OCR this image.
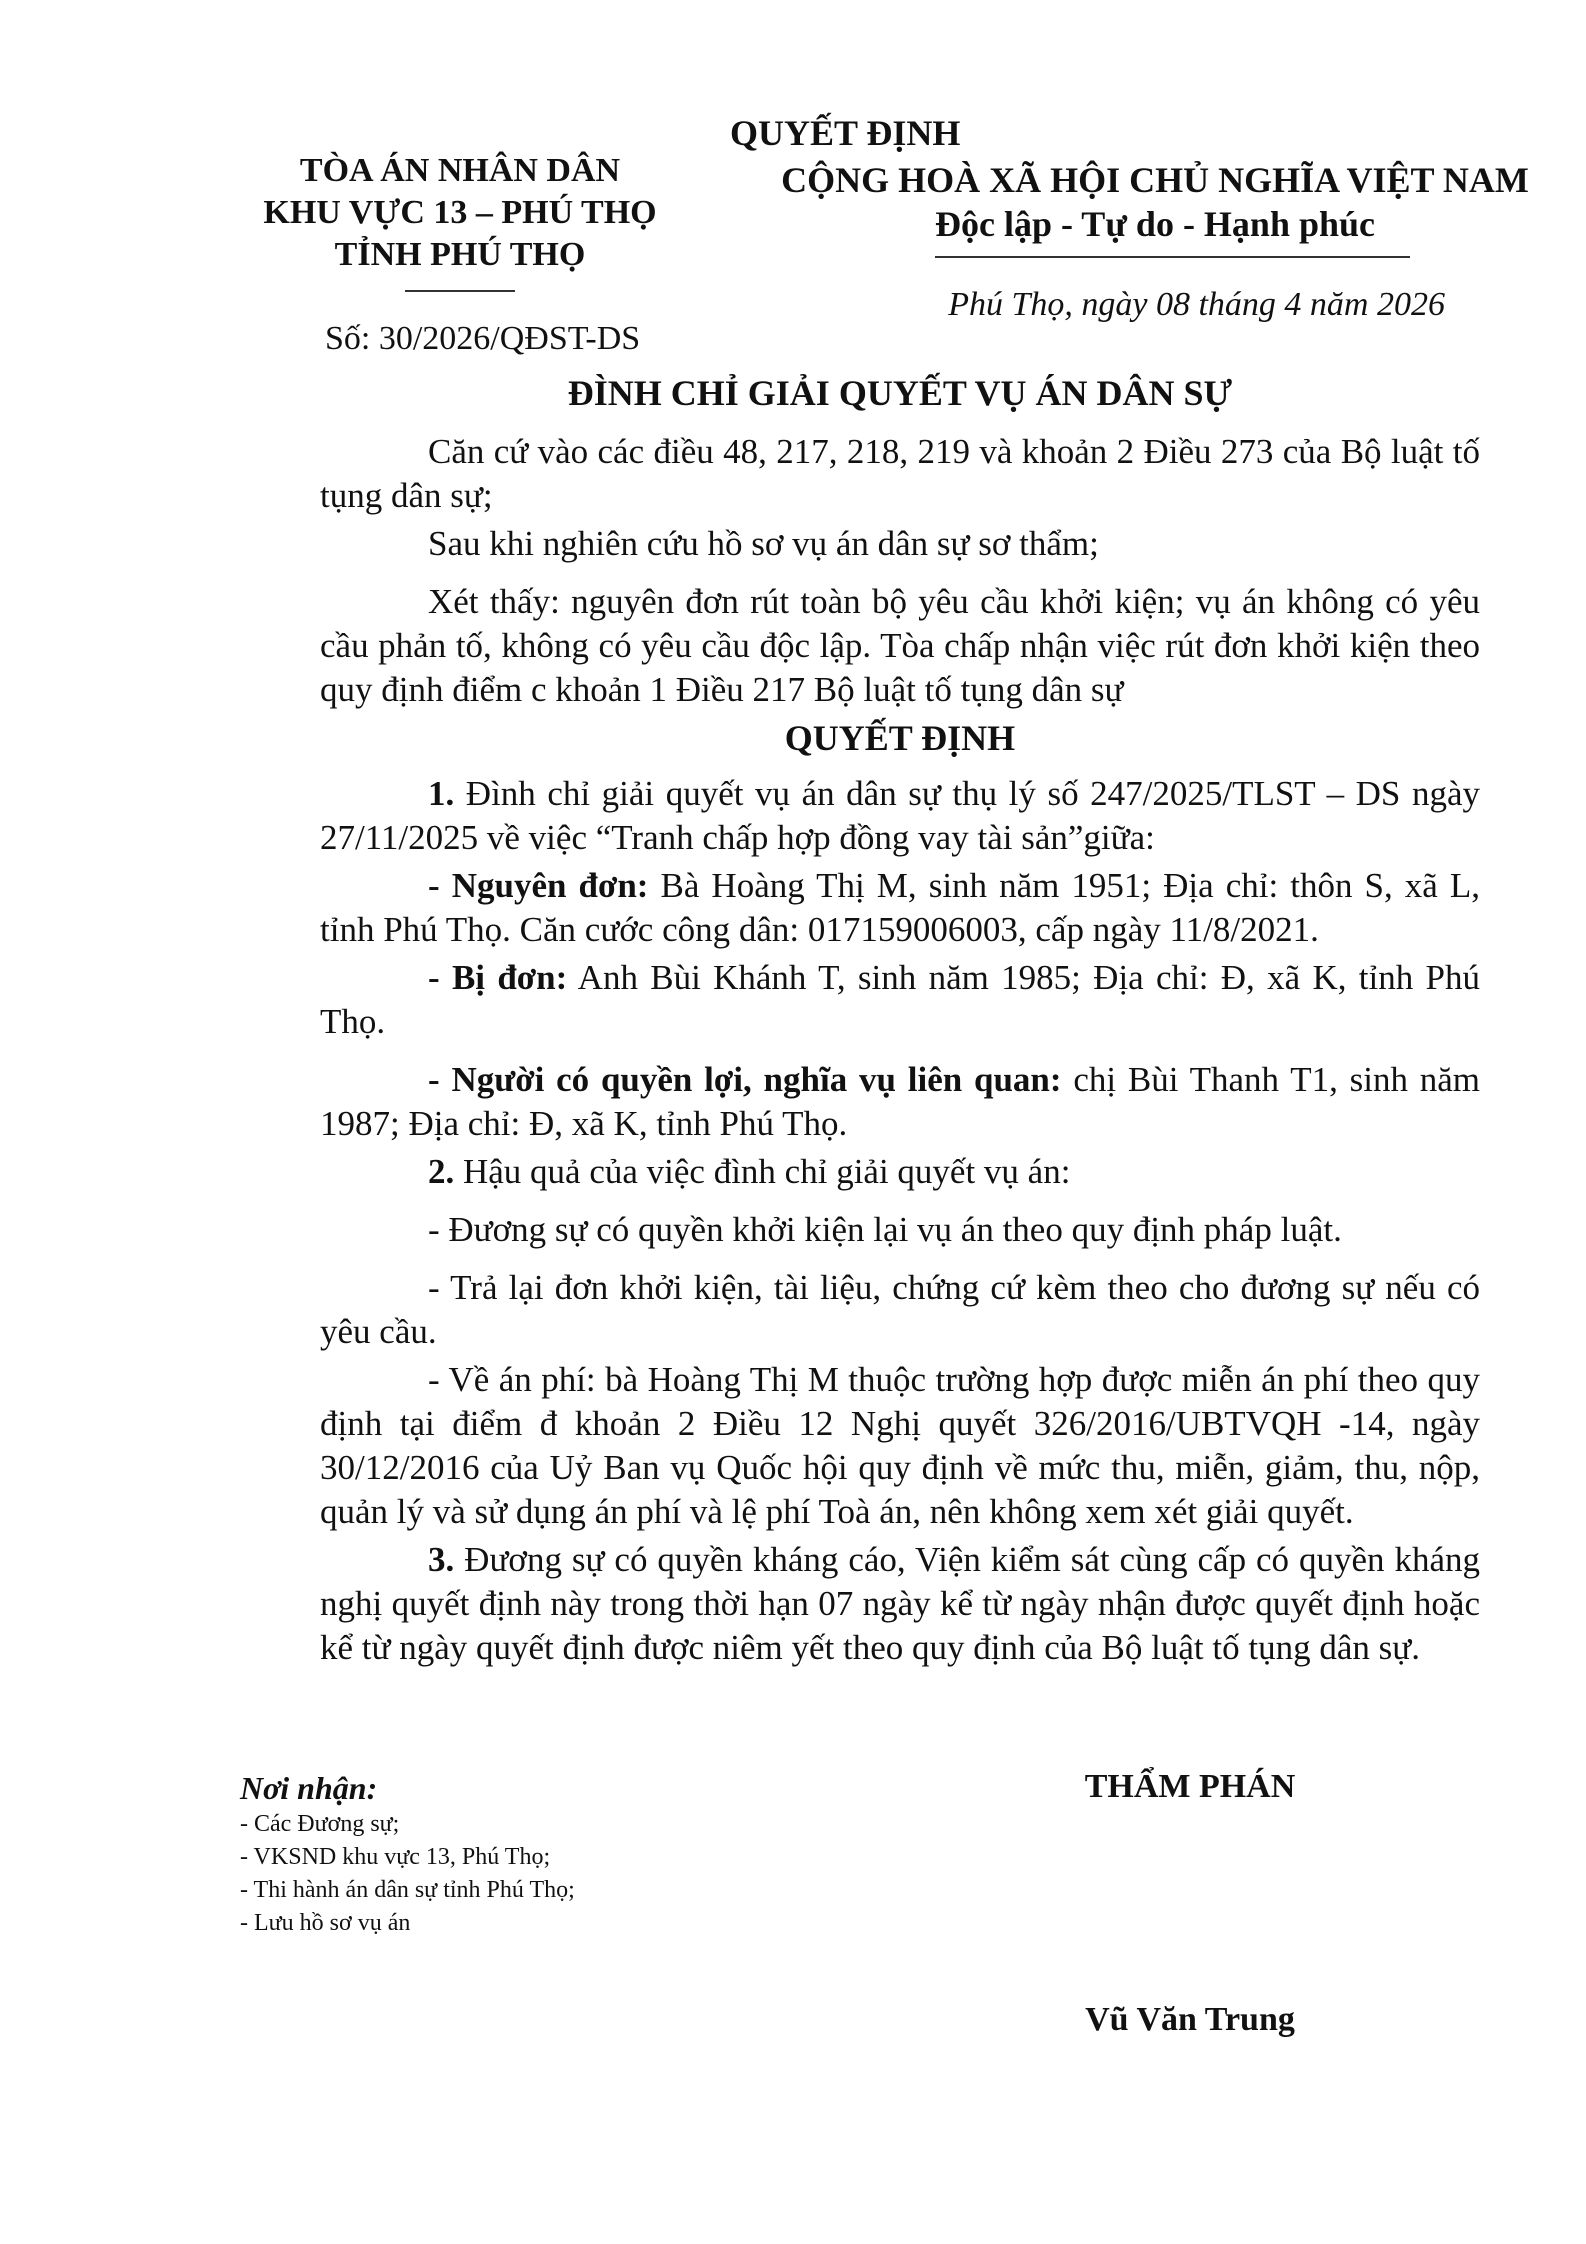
QUYẾT ĐỊNH
TÒA ÁN NHÂN DÂN
KHU VỰC 13 – PHÚ THỌ
TỈNH PHÚ THỌ
CỘNG HOÀ XÃ HỘI CHỦ NGHĨA VIỆT NAM
Độc lập - Tự do - Hạnh phúc
Phú Thọ, ngày 08 tháng 4 năm 2026
Số: 30/2026/QĐST-DS
ĐÌNH CHỈ GIẢI QUYẾT VỤ ÁN DÂN SỰ

Căn cứ vào các điều 48, 217, 218, 219 và khoản 2 Điều 273 của Bộ luật tố tụng dân sự;

Sau khi nghiên cứu hồ sơ vụ án dân sự sơ thẩm;

Xét thấy: nguyên đơn rút toàn bộ yêu cầu khởi kiện; vụ án không có yêu cầu phản tố, không có yêu cầu độc lập. Tòa chấp nhận việc rút đơn khởi kiện theo quy định điểm c khoản 1 Điều 217 Bộ luật tố tụng dân sự

QUYẾT ĐỊNH

1. Đình chỉ giải quyết vụ án dân sự thụ lý số 247/2025/TLST – DS ngày 27/11/2025 về việc “Tranh chấp hợp đồng vay tài sản”giữa:

- Nguyên đơn: Bà Hoàng Thị M, sinh năm 1951; Địa chỉ: thôn S, xã L, tỉnh Phú Thọ. Căn cước công dân: 017159006003, cấp ngày 11/8/2021.

- Bị đơn: Anh Bùi Khánh T, sinh năm 1985; Địa chỉ: Đ, xã K, tỉnh Phú Thọ.

- Người có quyền lợi, nghĩa vụ liên quan: chị Bùi Thanh T1, sinh năm 1987; Địa chỉ: Đ, xã K, tỉnh Phú Thọ.

2. Hậu quả của việc đình chỉ giải quyết vụ án:

- Đương sự có quyền khởi kiện lại vụ án theo quy định pháp luật.

- Trả lại đơn khởi kiện, tài liệu, chứng cứ kèm theo cho đương sự nếu có yêu cầu.

- Về án phí: bà Hoàng Thị M thuộc trường hợp được miễn án phí theo quy định tại điểm đ khoản 2 Điều 12 Nghị quyết 326/2016/UBTVQH -14, ngày 30/12/2016 của Uỷ Ban vụ Quốc hội quy định về mức thu, miễn, giảm, thu, nộp, quản lý và sử dụng án phí và lệ phí Toà án, nên không xem xét giải quyết.

3. Đương sự có quyền kháng cáo, Viện kiểm sát cùng cấp có quyền kháng nghị quyết định này trong thời hạn 07 ngày kể từ ngày nhận được quyết định hoặc kể từ ngày quyết định được niêm yết theo quy định của Bộ luật tố tụng dân sự.

Nơi nhận:
- Các Đương sự;
- VKSND khu vực 13, Phú Thọ;
- Thi hành án dân sự tỉnh Phú Thọ;
- Lưu hồ sơ vụ án
THẨM PHÁN
Vũ Văn Trung
